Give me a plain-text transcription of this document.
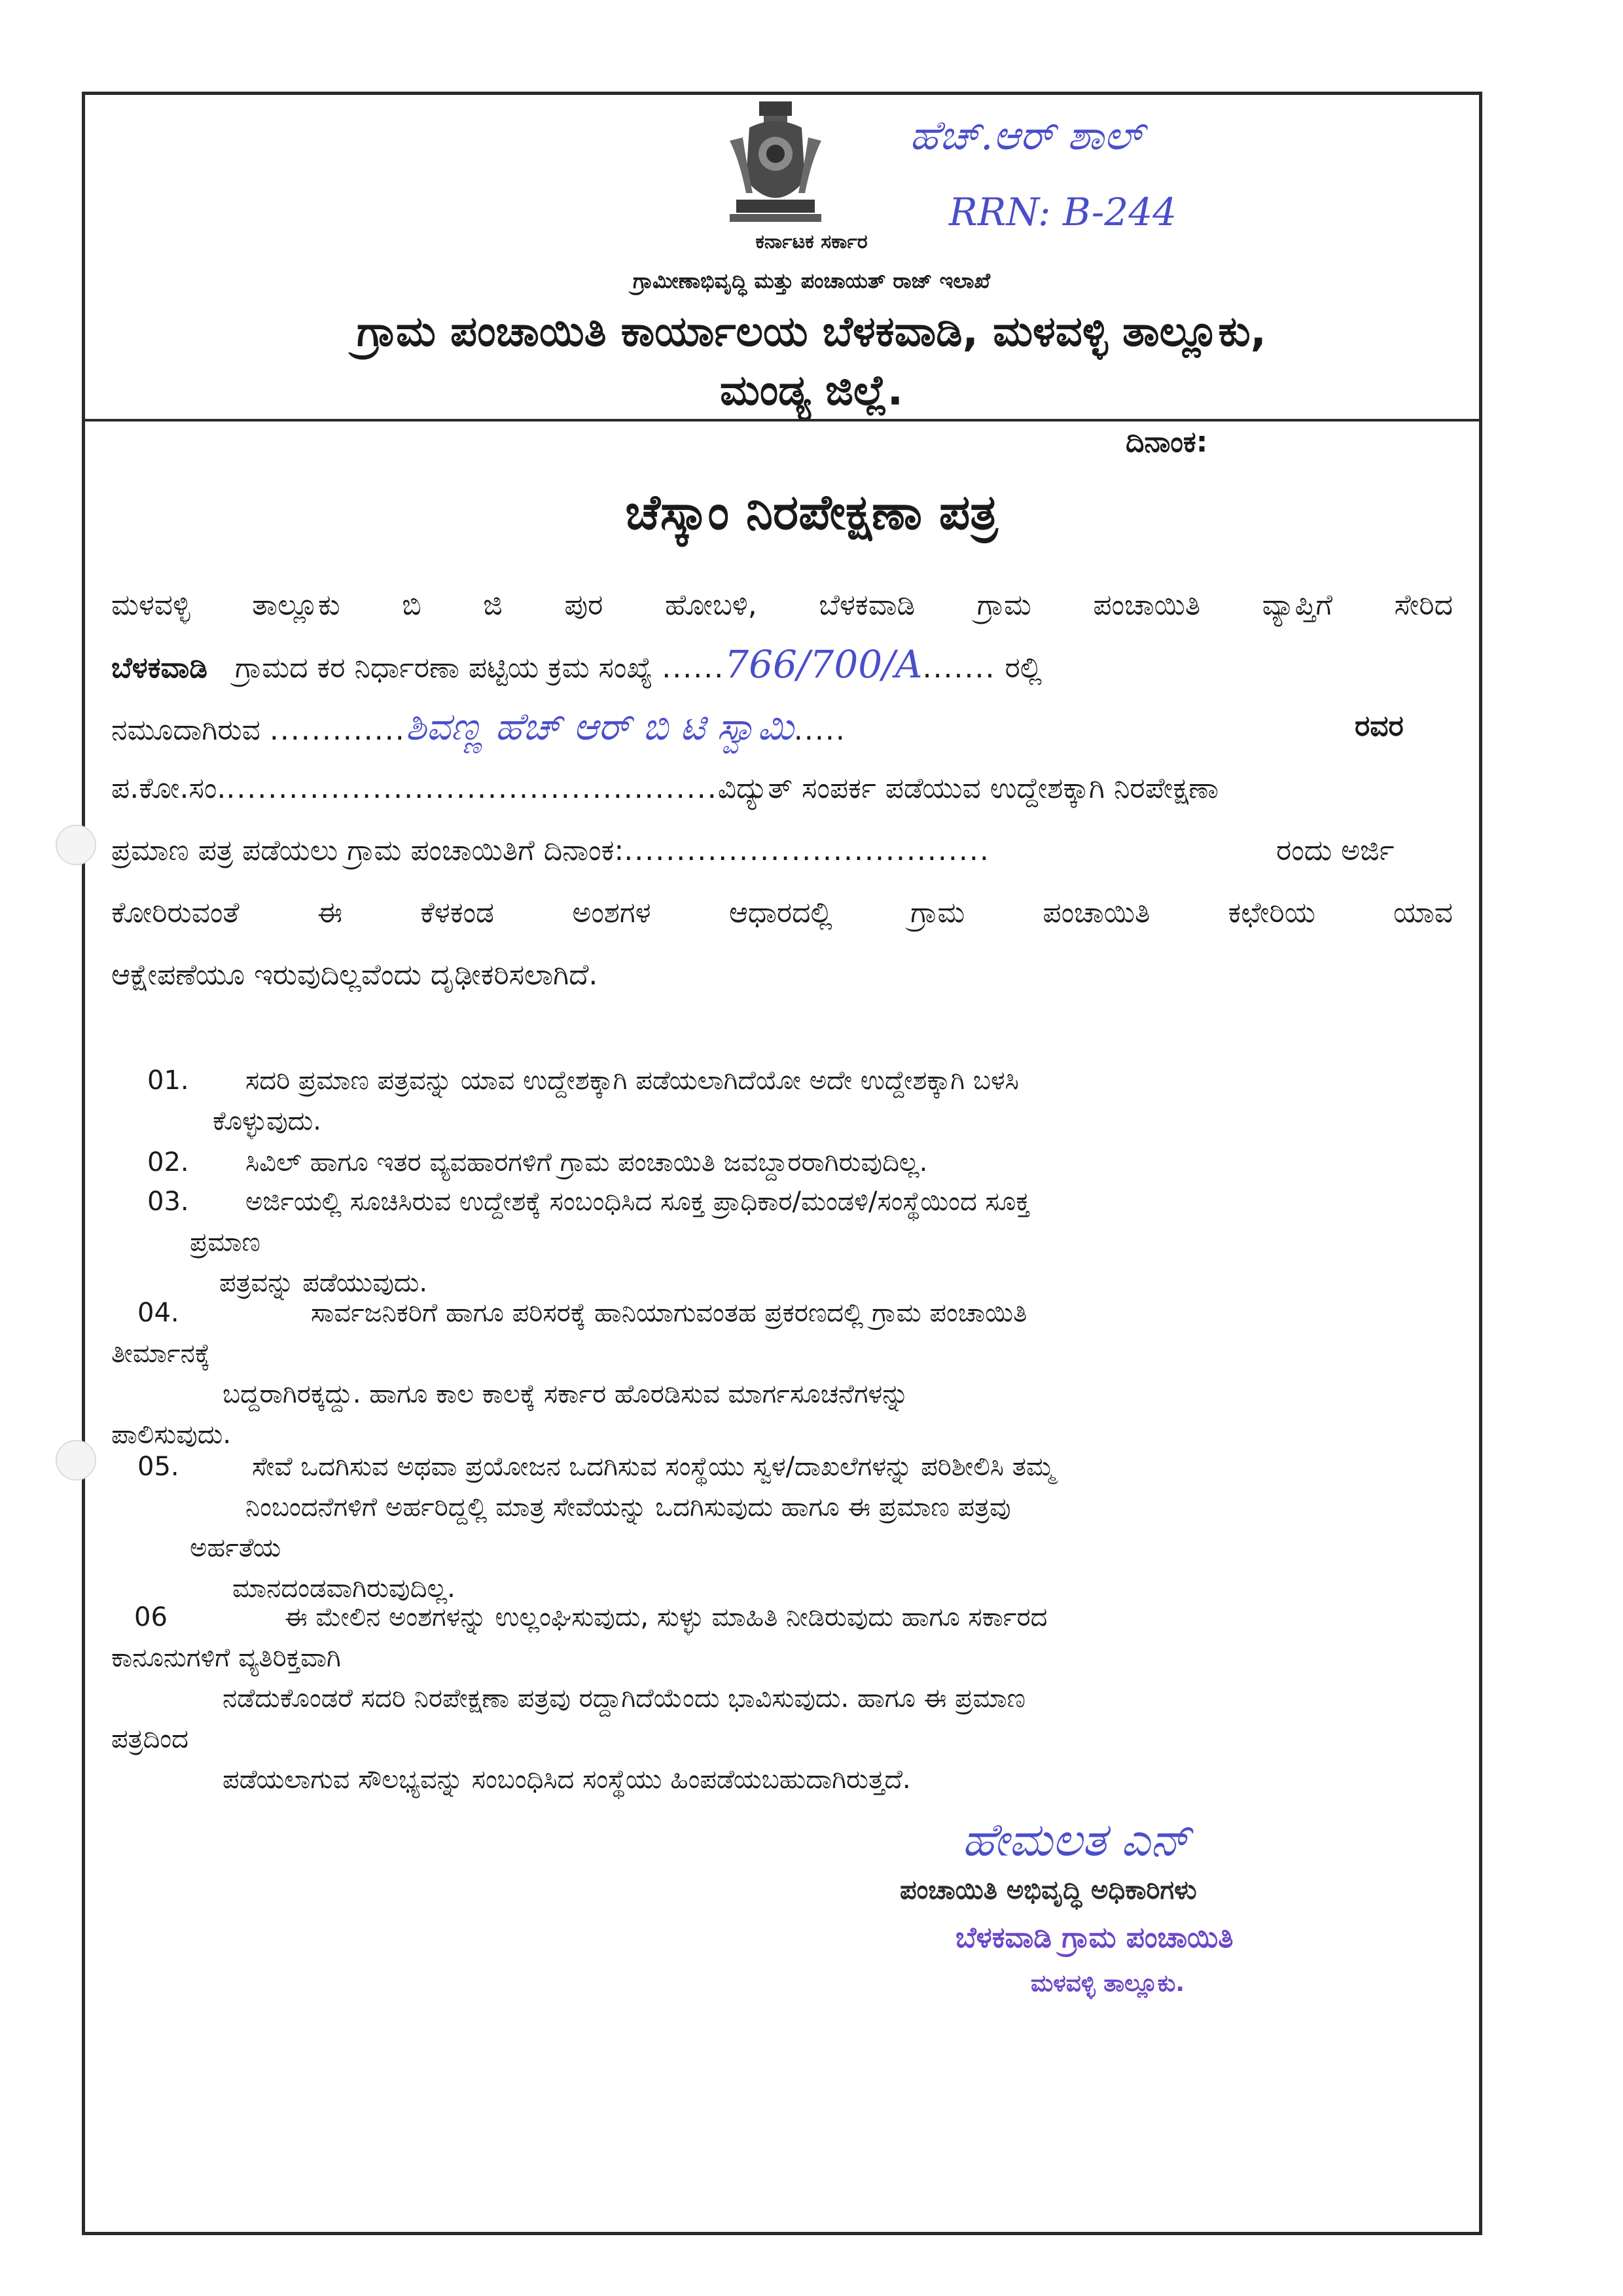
ಕರ್ನಾಟಕ ಸರ್ಕಾರ
ಹೆಚ್.ಆರ್ ಶಾಲ್
RRN: B-244
ಗ್ರಾಮೀಣಾಭಿವೃದ್ಧಿ ಮತ್ತು ಪಂಚಾಯತ್ ರಾಜ್ ಇಲಾಖೆ
ಗ್ರಾಮ ಪಂಚಾಯಿತಿ ಕಾರ್ಯಾಲಯ ಬೆಳಕವಾಡಿ, ಮಳವಳ್ಳಿ ತಾಲ್ಲೂಕು,
ಮಂಡ್ಯ ಜಿಲ್ಲೆ.
ದಿನಾಂಕ:
ಚೆಸ್ಕಾಂ ನಿರಪೇಕ್ಷಣಾ ಪತ್ರ
ಮಳವಳ್ಳಿ ತಾಲ್ಲೂಕು ಬಿ ಜಿ ಪುರ ಹೋಬಳಿ, ಬೆಳಕವಾಡಿ ಗ್ರಾಮ ಪಂಚಾಯಿತಿ ವ್ಯಾಪ್ತಿಗೆ ಸೇರಿದ
ಬೆಳಕವಾಡಿ ಗ್ರಾಮದ ಕರ ನಿರ್ಧಾರಣಾ ಪಟ್ಟಿಯ ಕ್ರಮ ಸಂಖ್ಯೆ ......766/700/A....... ರಲ್ಲಿ
ನಮೂದಾಗಿರುವ .............ಶಿವಣ್ಣ ಹೆಚ್ ಆರ್ ಬಿ ಟಿ ಸ್ವಾಮಿ.....	ರವರ
ಪ.ಕೋ.ಸಂ................................................ವಿದ್ಯುತ್ ಸಂಪರ್ಕ ಪಡೆಯುವ ಉದ್ದೇಶಕ್ಕಾಗಿ ನಿರಪೇಕ್ಷಣಾ
ಪ್ರಮಾಣ ಪತ್ರ ಪಡೆಯಲು ಗ್ರಾಮ ಪಂಚಾಯಿತಿಗೆ ದಿನಾಂಕ:...................................	ರಂದು ಅರ್ಜಿ
ಕೋರಿರುವಂತೆ ಈ ಕೆಳಕಂಡ ಅಂಶಗಳ ಆಧಾರದಲ್ಲಿ ಗ್ರಾಮ ಪಂಚಾಯಿತಿ ಕಛೇರಿಯ ಯಾವ
ಆಕ್ಷೇಪಣೆಯೂ ಇರುವುದಿಲ್ಲವೆಂದು ದೃಢೀಕರಿಸಲಾಗಿದೆ.
01.	ಸದರಿ ಪ್ರಮಾಣ ಪತ್ರವನ್ನು ಯಾವ ಉದ್ದೇಶಕ್ಕಾಗಿ ಪಡೆಯಲಾಗಿದೆಯೋ ಅದೇ ಉದ್ದೇಶಕ್ಕಾಗಿ ಬಳಸಿ
ಕೊಳ್ಳುವುದು.
02.	ಸಿವಿಲ್ ಹಾಗೂ ಇತರ ವ್ಯವಹಾರಗಳಿಗೆ ಗ್ರಾಮ ಪಂಚಾಯಿತಿ ಜವಬ್ದಾರರಾಗಿರುವುದಿಲ್ಲ.
03.	ಅರ್ಜಿಯಲ್ಲಿ ಸೂಚಿಸಿರುವ ಉದ್ದೇಶಕ್ಕೆ ಸಂಬಂಧಿಸಿದ ಸೂಕ್ತ ಪ್ರಾಧಿಕಾರ/ಮಂಡಳಿ/ಸಂಸ್ಥೆಯಿಂದ ಸೂಕ್ತ
ಪ್ರಮಾಣ
ಪತ್ರವನ್ನು ಪಡೆಯುವುದು.
04.	ಸಾರ್ವಜನಿಕರಿಗೆ ಹಾಗೂ ಪರಿಸರಕ್ಕೆ ಹಾನಿಯಾಗುವಂತಹ ಪ್ರಕರಣದಲ್ಲಿ ಗ್ರಾಮ ಪಂಚಾಯಿತಿ
ತೀರ್ಮಾನಕ್ಕೆ
ಬದ್ದರಾಗಿರಕ್ಕದ್ದು. ಹಾಗೂ ಕಾಲ ಕಾಲಕ್ಕೆ ಸರ್ಕಾರ ಹೊರಡಿಸುವ ಮಾರ್ಗಸೂಚನೆಗಳನ್ನು
ಪಾಲಿಸುವುದು.
05.	ಸೇವೆ ಒದಗಿಸುವ ಅಥವಾ ಪ್ರಯೋಜನ ಒದಗಿಸುವ ಸಂಸ್ಥೆಯು ಸ್ವಳ/ದಾಖಲೆಗಳನ್ನು ಪರಿಶೀಲಿಸಿ ತಮ್ಮ
ನಿಂಬಂದನೆಗಳಿಗೆ ಅರ್ಹರಿದ್ದಲ್ಲಿ ಮಾತ್ರ ಸೇವೆಯನ್ನು ಒದಗಿಸುವುದು ಹಾಗೂ ಈ ಪ್ರಮಾಣ ಪತ್ರವು
ಅರ್ಹತೆಯ
ಮಾನದಂಡವಾಗಿರುವುದಿಲ್ಲ.
06	ಈ ಮೇಲಿನ ಅಂಶಗಳನ್ನು ಉಲ್ಲಂಘಿಸುವುದು, ಸುಳ್ಳು ಮಾಹಿತಿ ನೀಡಿರುವುದು ಹಾಗೂ ಸರ್ಕಾರದ
ಕಾನೂನುಗಳಿಗೆ ವ್ಯತಿರಿಕ್ತವಾಗಿ
ನಡೆದುಕೊಂಡರೆ ಸದರಿ ನಿರಪೇಕ್ಷಣಾ ಪತ್ರವು ರದ್ದಾಗಿದೆಯೆಂದು ಭಾವಿಸುವುದು. ಹಾಗೂ ಈ ಪ್ರಮಾಣ
ಪತ್ರದಿಂದ
ಪಡೆಯಲಾಗುವ ಸೌಲಭ್ಯವನ್ನು ಸಂಬಂಧಿಸಿದ ಸಂಸ್ಥೆಯು ಹಿಂಪಡೆಯಬಹುದಾಗಿರುತ್ತದೆ.
ಹೇಮಲತ ಎನ್
ಪಂಚಾಯಿತಿ ಅಭಿವೃದ್ಧಿ ಅಧಿಕಾರಿಗಳು
ಬೆಳಕವಾಡಿ ಗ್ರಾಮ ಪಂಚಾಯಿತಿ
ಮಳವಳ್ಳಿ ತಾಲ್ಲೂಕು.
